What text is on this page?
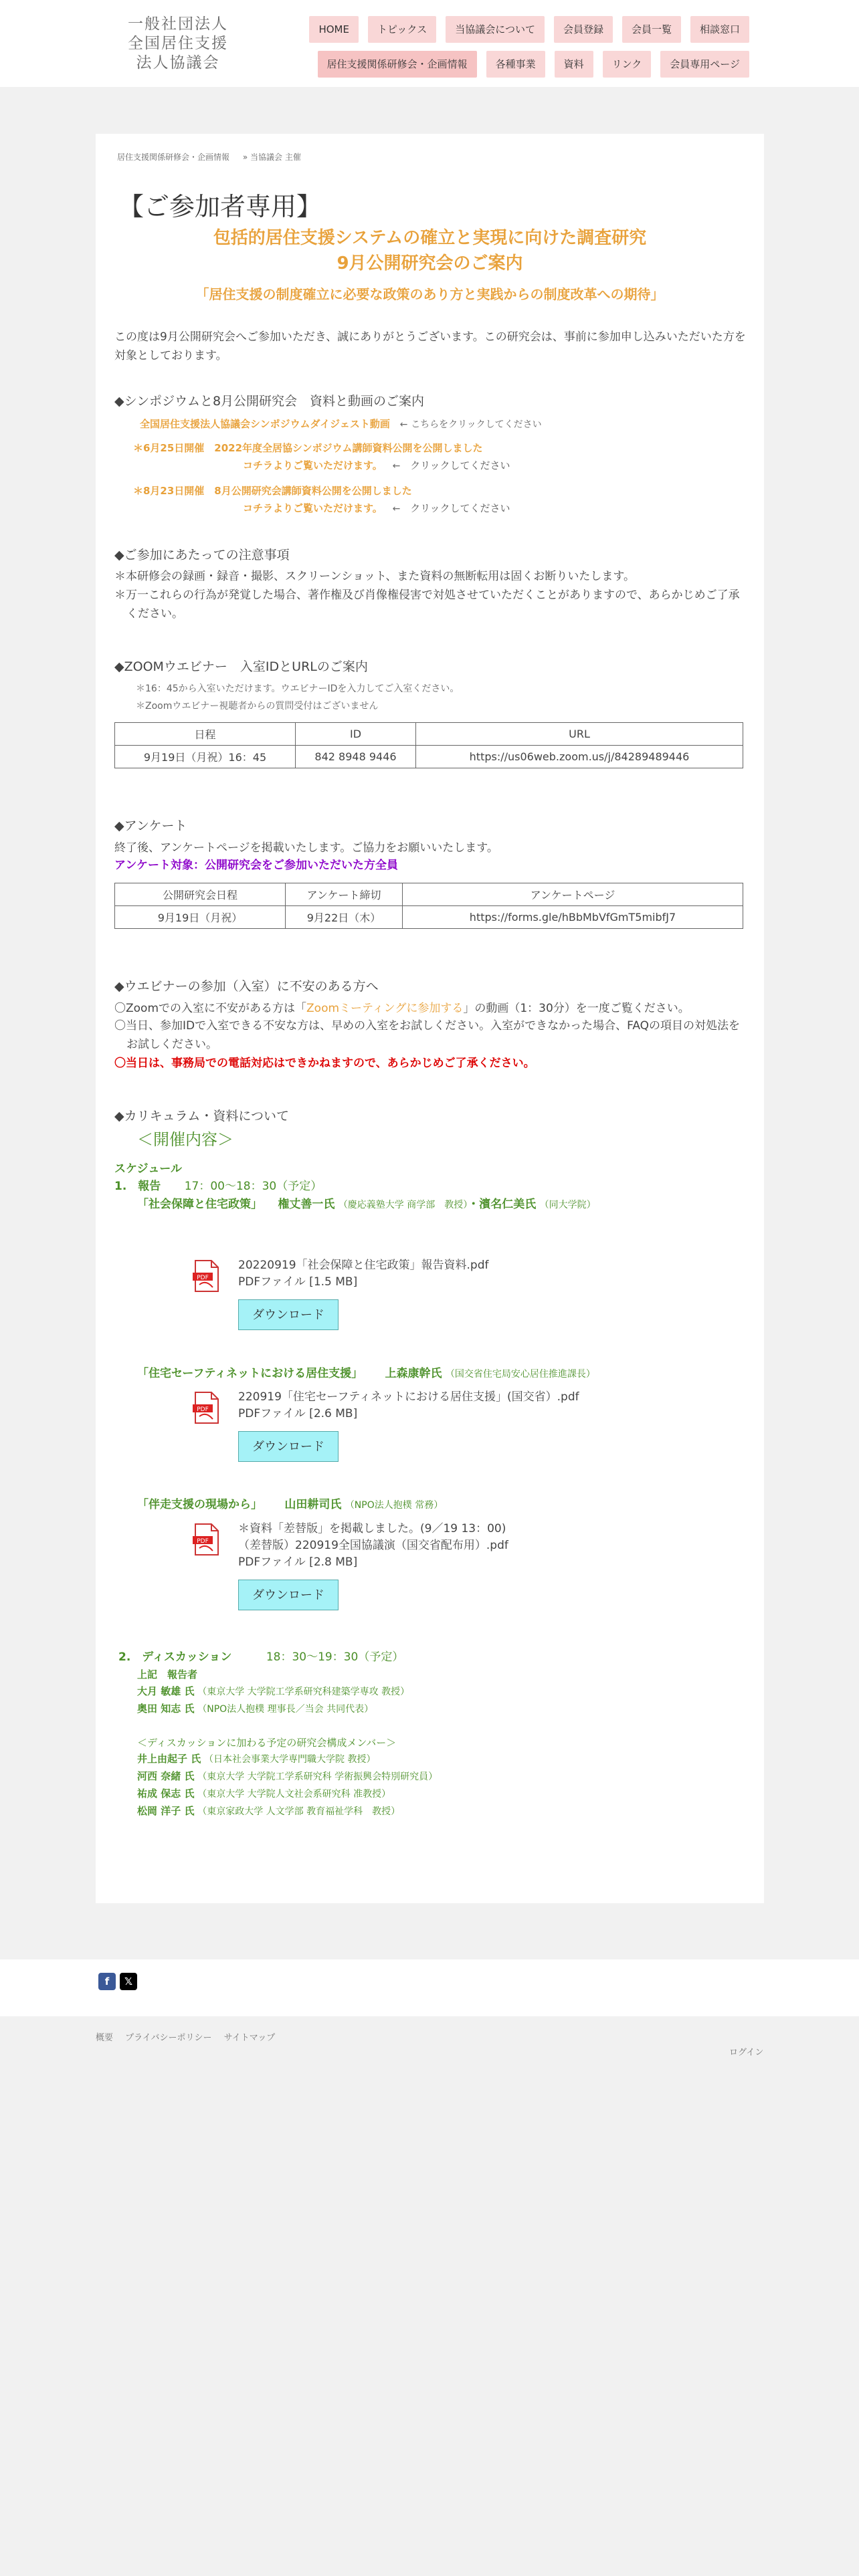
一般社団法人
全国居住支援
法人協議会
HOME	トピックス	当協議会について	会員登録	会員一覧	相談窓口
居住支援関係研修会・企画情報	各種事業	資料	リンク	会員専用ページ
居住支援関係研修会・企画情報 » 当協議会 主催
【ご参加者専用】
包括的居住支援システムの確立と実現に向けた調査研究
9月公開研究会のご案内
「居住支援の制度確立に必要な政策のあり方と実践からの制度改革への期待」
この度は9月公開研究会へご参加いただき、誠にありがとうございます。この研究会は、事前に参加申し込みいただいた方を対象としております。
◆シンポジウムと8月公開研究会　資料と動画のご案内
全国居住支援法人協議会シンポジウムダイジェスト動画 ← こちらをクリックしてください
＊6月25日開催　2022年度全居協シンポジウム講師資料公開を公開しました
コチラよりご覧いただけます。 ← クリックしてください
＊8月23日開催　8月公開研究会講師資料公開を公開しました
コチラよりご覧いただけます。 ← クリックしてください
◆ご参加にあたっての注意事項
＊本研修会の録画・録音・撮影、スクリーンショット、また資料の無断転用は固くお断りいたします。
＊万一これらの行為が発覚した場合、著作権及び肖像権侵害で対処させていただくことがありますので、あらかじめご了承ください。
◆ZOOMウエビナー　入室IDとURLのご案内
＊16：45から入室いただけます。ウエビナーIDを入力してご入室ください。
＊Zoomウエビナー視聴者からの質問受付はございません
日程	ID	URL
9月19日（月祝）16：45	842 8948 9446	https://us06web.zoom.us/j/84289489446
◆アンケート
終了後、アンケートページを掲載いたします。ご協力をお願いいたします。
アンケート対象：公開研究会をご参加いただいた方全員
公開研究会日程	アンケート締切	アンケートページ
9月19日（月祝）	9月22日（木）	https://forms.gle/hBbMbVfGmT5mibfJ7
◆ウエビナーの参加（入室）に不安のある方へ
〇Zoomでの入室に不安がある方は「Zoomミーティングに参加する」の動画（1：30分）を一度ご覧ください。
〇当日、参加IDで入室できる不安な方は、早めの入室をお試しください。入室ができなかった場合、FAQの項目の対処法をお試しください。
〇当日は、事務局での電話対応はできかねますので、あらかじめご了承ください。
◆カリキュラム・資料について
＜開催内容＞
スケジュール
1.　報告 17：00〜18：30（予定）
「社会保障と住宅政策」 権丈善一氏 （慶応義塾大学 商学部　教授）・濱名仁美氏 （同大学院）
PDF
20220919「社会保障と住宅政策」報告資料.pdf
PDFファイル [1.5 MB]
ダウンロード
「住宅セーフティネットにおける居住支援」 上森康幹氏 （国交省住宅局安心居住推進課長）
PDF
220919「住宅セーフティネットにおける居住支援」(国交省）.pdf
PDFファイル [2.6 MB]
ダウンロード
「伴走支援の現場から」 山田耕司氏 （NPO法人抱樸 常務）
PDF
＊資料「差替版」を掲載しました。(9／19 13：00)
（差替版）220919全国協議演（国交省配布用）.pdf
PDFファイル [2.8 MB]
ダウンロード
2.　ディスカッション	18：30〜19：30（予定）
上記　報告者
大月 敏雄 氏 （東京大学 大学院工学系研究科建築学専攻 教授）
奥田 知志 氏 （NPO法人抱樸 理事長／当会 共同代表）
＜ディスカッションに加わる予定の研究会構成メンバー＞
井上由起子 氏 （日本社会事業大学専門職大学院 教授）
河西 奈緒 氏 （東京大学 大学院工学系研究科 学術振興会特別研究員）
祐成 保志 氏 （東京大学 大学院人文社会系研究科 准教授）
松岡 洋子 氏 （東京家政大学 人文学部 教育福祉学科　教授）
f	𝕏
概要 プライバシーポリシー サイトマップ
ログイン
